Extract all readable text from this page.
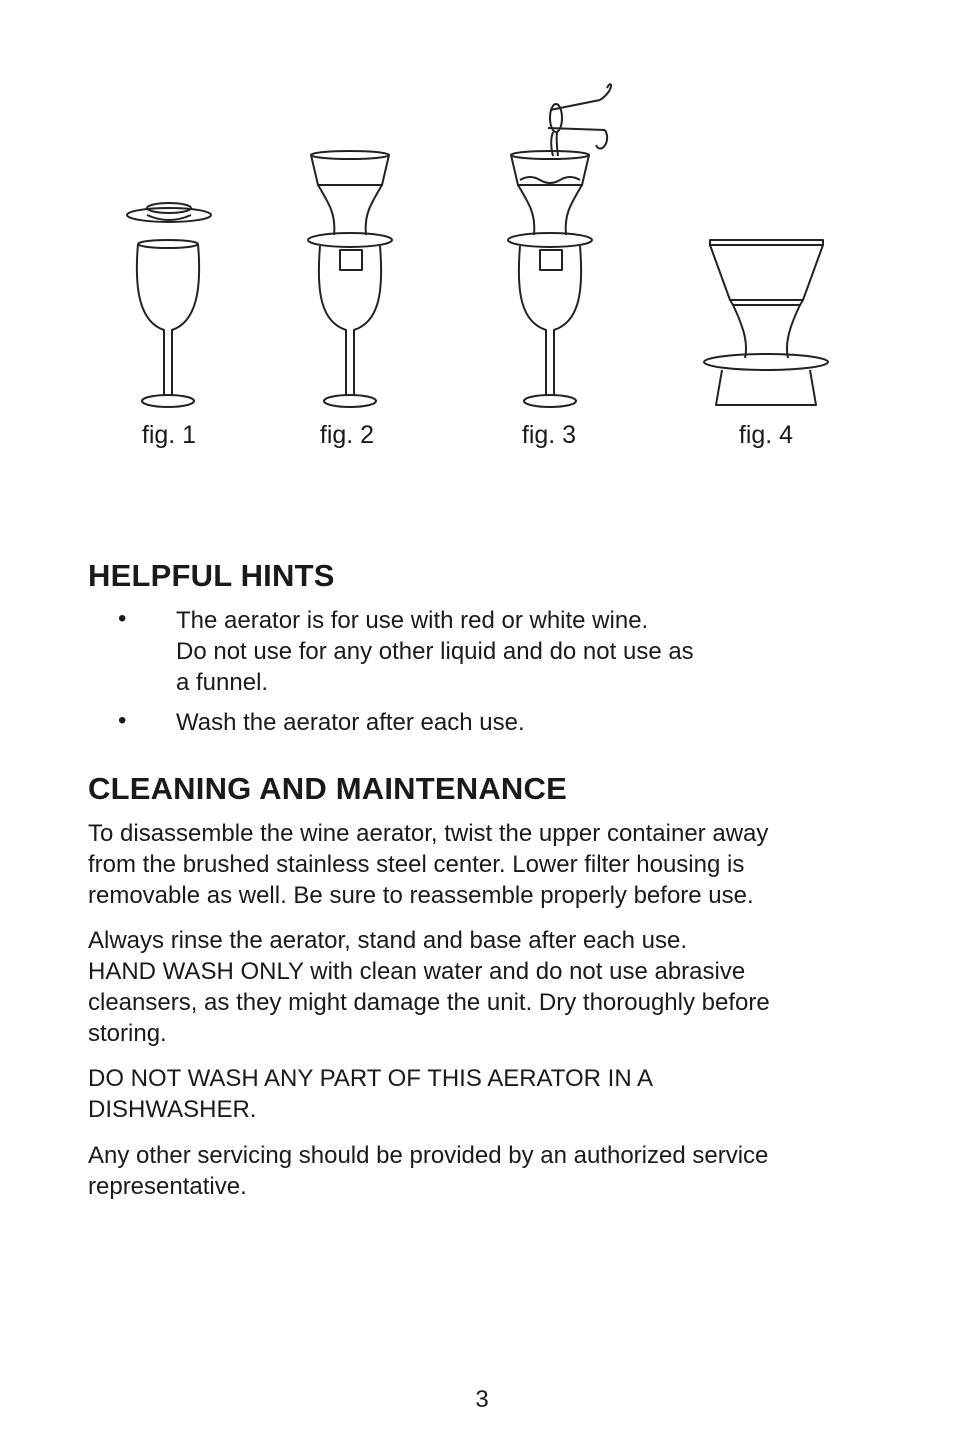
fig. 1	fig. 2	fig. 3	fig. 4
HELPFUL HINTS
• The aerator is for use with red or white wine.
Do not use for any other liquid and do not use as
a funnel.
• Wash the aerator after each use.
CLEANING AND MAINTENANCE
To disassemble the wine aerator, twist the upper container away
from the brushed stainless steel center. Lower filter housing is
removable as well. Be sure to reassemble properly before use.
Always rinse the aerator, stand and base after each use.
HAND WASH ONLY with clean water and do not use abrasive
cleansers, as they might damage the unit. Dry thoroughly before
storing.
DO NOT WASH ANY PART OF THIS AERATOR IN A
DISHWASHER.
Any other servicing should be provided by an authorized service
representative.
3
